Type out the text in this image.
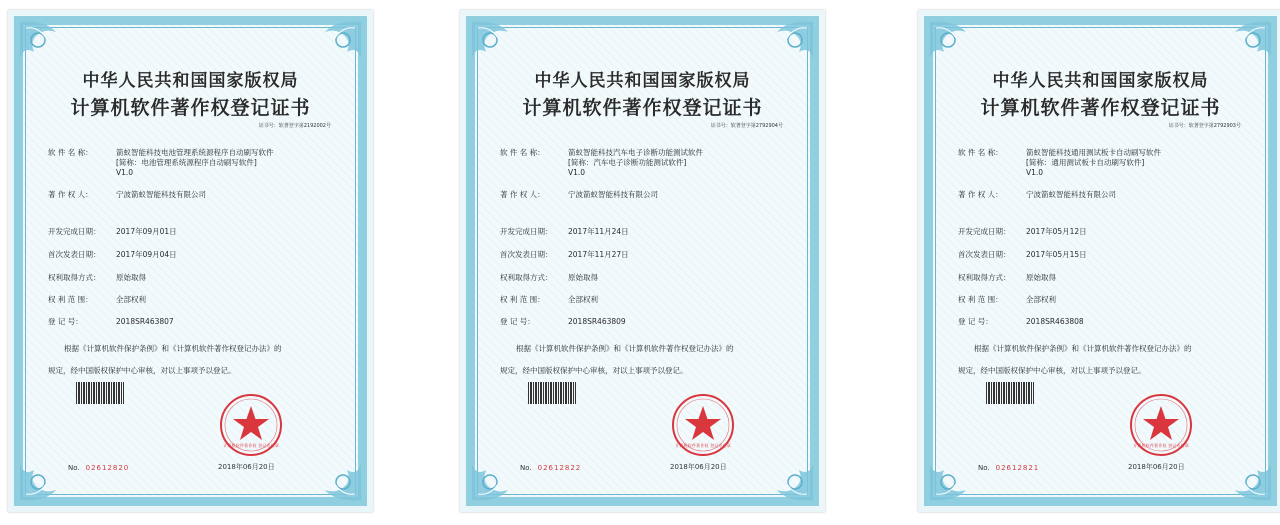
中华人民共和国国家版权局
计算机软件著作权登记证书
证书号：软著登字第2192002号
软 件 名 称：	箭蚁智能科技电池管理系统源程序自动刷写软件
[简称：电池管理系统源程序自动刷写软件]
V1.0
著 作 权 人：	宁波箭蚁智能科技有限公司
开发完成日期： 2017年09月01日
首次发表日期： 2017年09月04日
权利取得方式： 原始取得
权 利 范 围：	全部权利
登 记 号：	2018SR463807
根据《计算机软件保护条例》和《计算机软件著作权登记办法》的
规定，经中国版权保护中心审核，对以上事项予以登记。
计算机软件著作权 登记专用章
No. 02612820	2018年06月20日
中华人民共和国国家版权局
计算机软件著作权登记证书
证书号：软著登字第2792904号
软 件 名 称：	箭蚁智能科技汽车电子诊断功能测试软件
[简称：汽车电子诊断功能测试软件]
V1.0
著 作 权 人：	宁波箭蚁智能科技有限公司
开发完成日期： 2017年11月24日
首次发表日期： 2017年11月27日
权利取得方式： 原始取得
权 利 范 围：	全部权利
登 记 号：	2018SR463809
根据《计算机软件保护条例》和《计算机软件著作权登记办法》的
规定，经中国版权保护中心审核，对以上事项予以登记。
计算机软件著作权 登记专用章
No. 02612822	2018年06月20日
中华人民共和国国家版权局
计算机软件著作权登记证书
证书号：软著登字第2792903号
软 件 名 称：	箭蚁智能科技通用测试板卡自动刷写软件
[简称：通用测试板卡自动刷写软件]
V1.0
著 作 权 人：	宁波箭蚁智能科技有限公司
开发完成日期： 2017年05月12日
首次发表日期： 2017年05月15日
权利取得方式： 原始取得
权 利 范 围：	全部权利
登 记 号：	2018SR463808
根据《计算机软件保护条例》和《计算机软件著作权登记办法》的
规定，经中国版权保护中心审核，对以上事项予以登记。
计算机软件著作权 登记专用章
No. 02612821	2018年06月20日
